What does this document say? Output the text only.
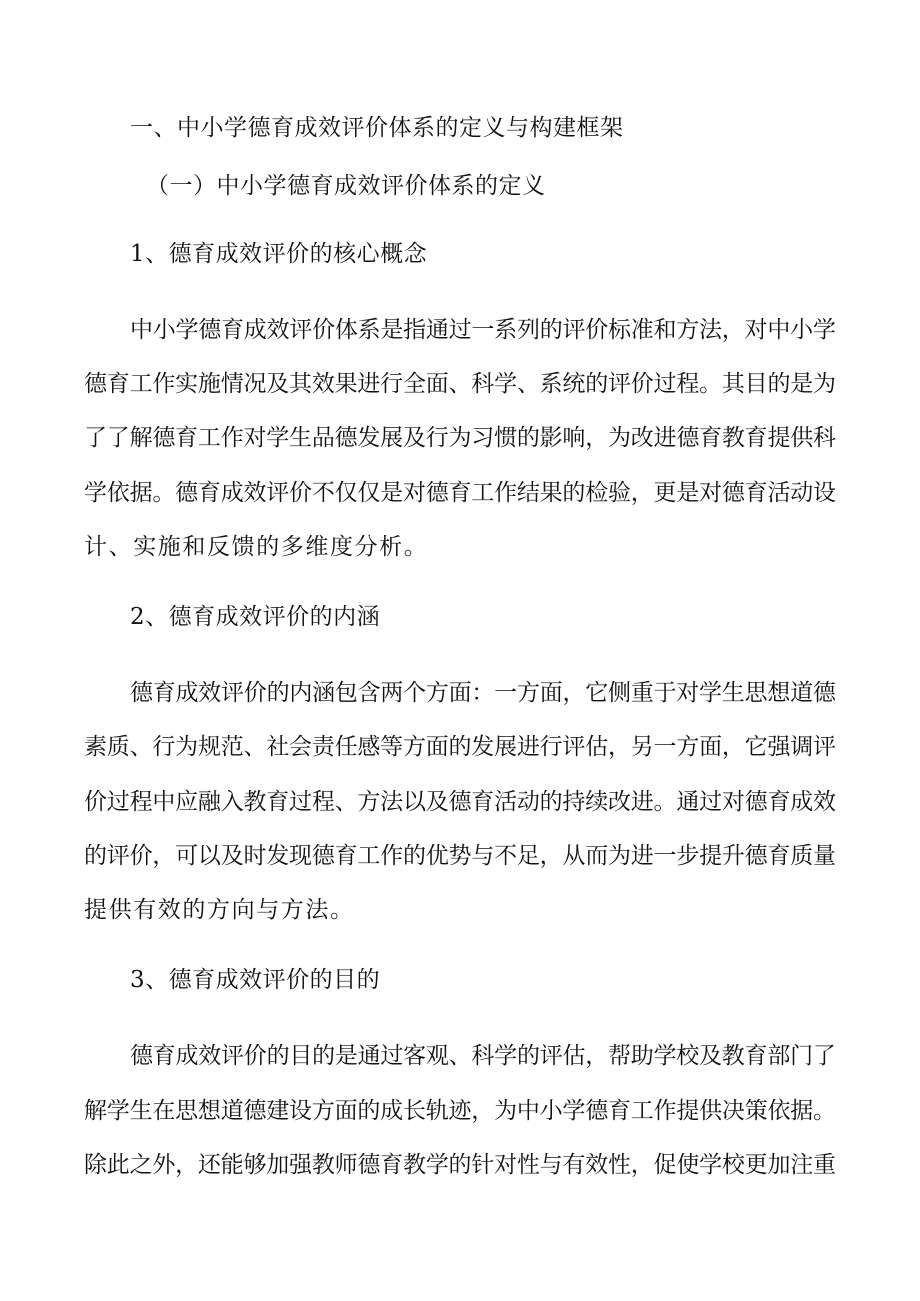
一、中小学德育成效评价体系的定义与构建框架
（一）中小学德育成效评价体系的定义
1、德育成效评价的核心概念
中小学德育成效评价体系是指通过一系列的评价标准和方法，对中小学
德育工作实施情况及其效果进行全面、科学、系统的评价过程。其目的是为
了了解德育工作对学生品德发展及行为习惯的影响，为改进德育教育提供科
学依据。德育成效评价不仅仅是对德育工作结果的检验，更是对德育活动设
计、实施和反馈的多维度分析。
2、德育成效评价的内涵
德育成效评价的内涵包含两个方面：一方面，它侧重于对学生思想道德
素质、行为规范、社会责任感等方面的发展进行评估，另一方面，它强调评
价过程中应融入教育过程、方法以及德育活动的持续改进。通过对德育成效
的评价，可以及时发现德育工作的优势与不足，从而为进一步提升德育质量
提供有效的方向与方法。
3、德育成效评价的目的
德育成效评价的目的是通过客观、科学的评估，帮助学校及教育部门了
解学生在思想道德建设方面的成长轨迹，为中小学德育工作提供决策依据。
除此之外，还能够加强教师德育教学的针对性与有效性，促使学校更加注重
